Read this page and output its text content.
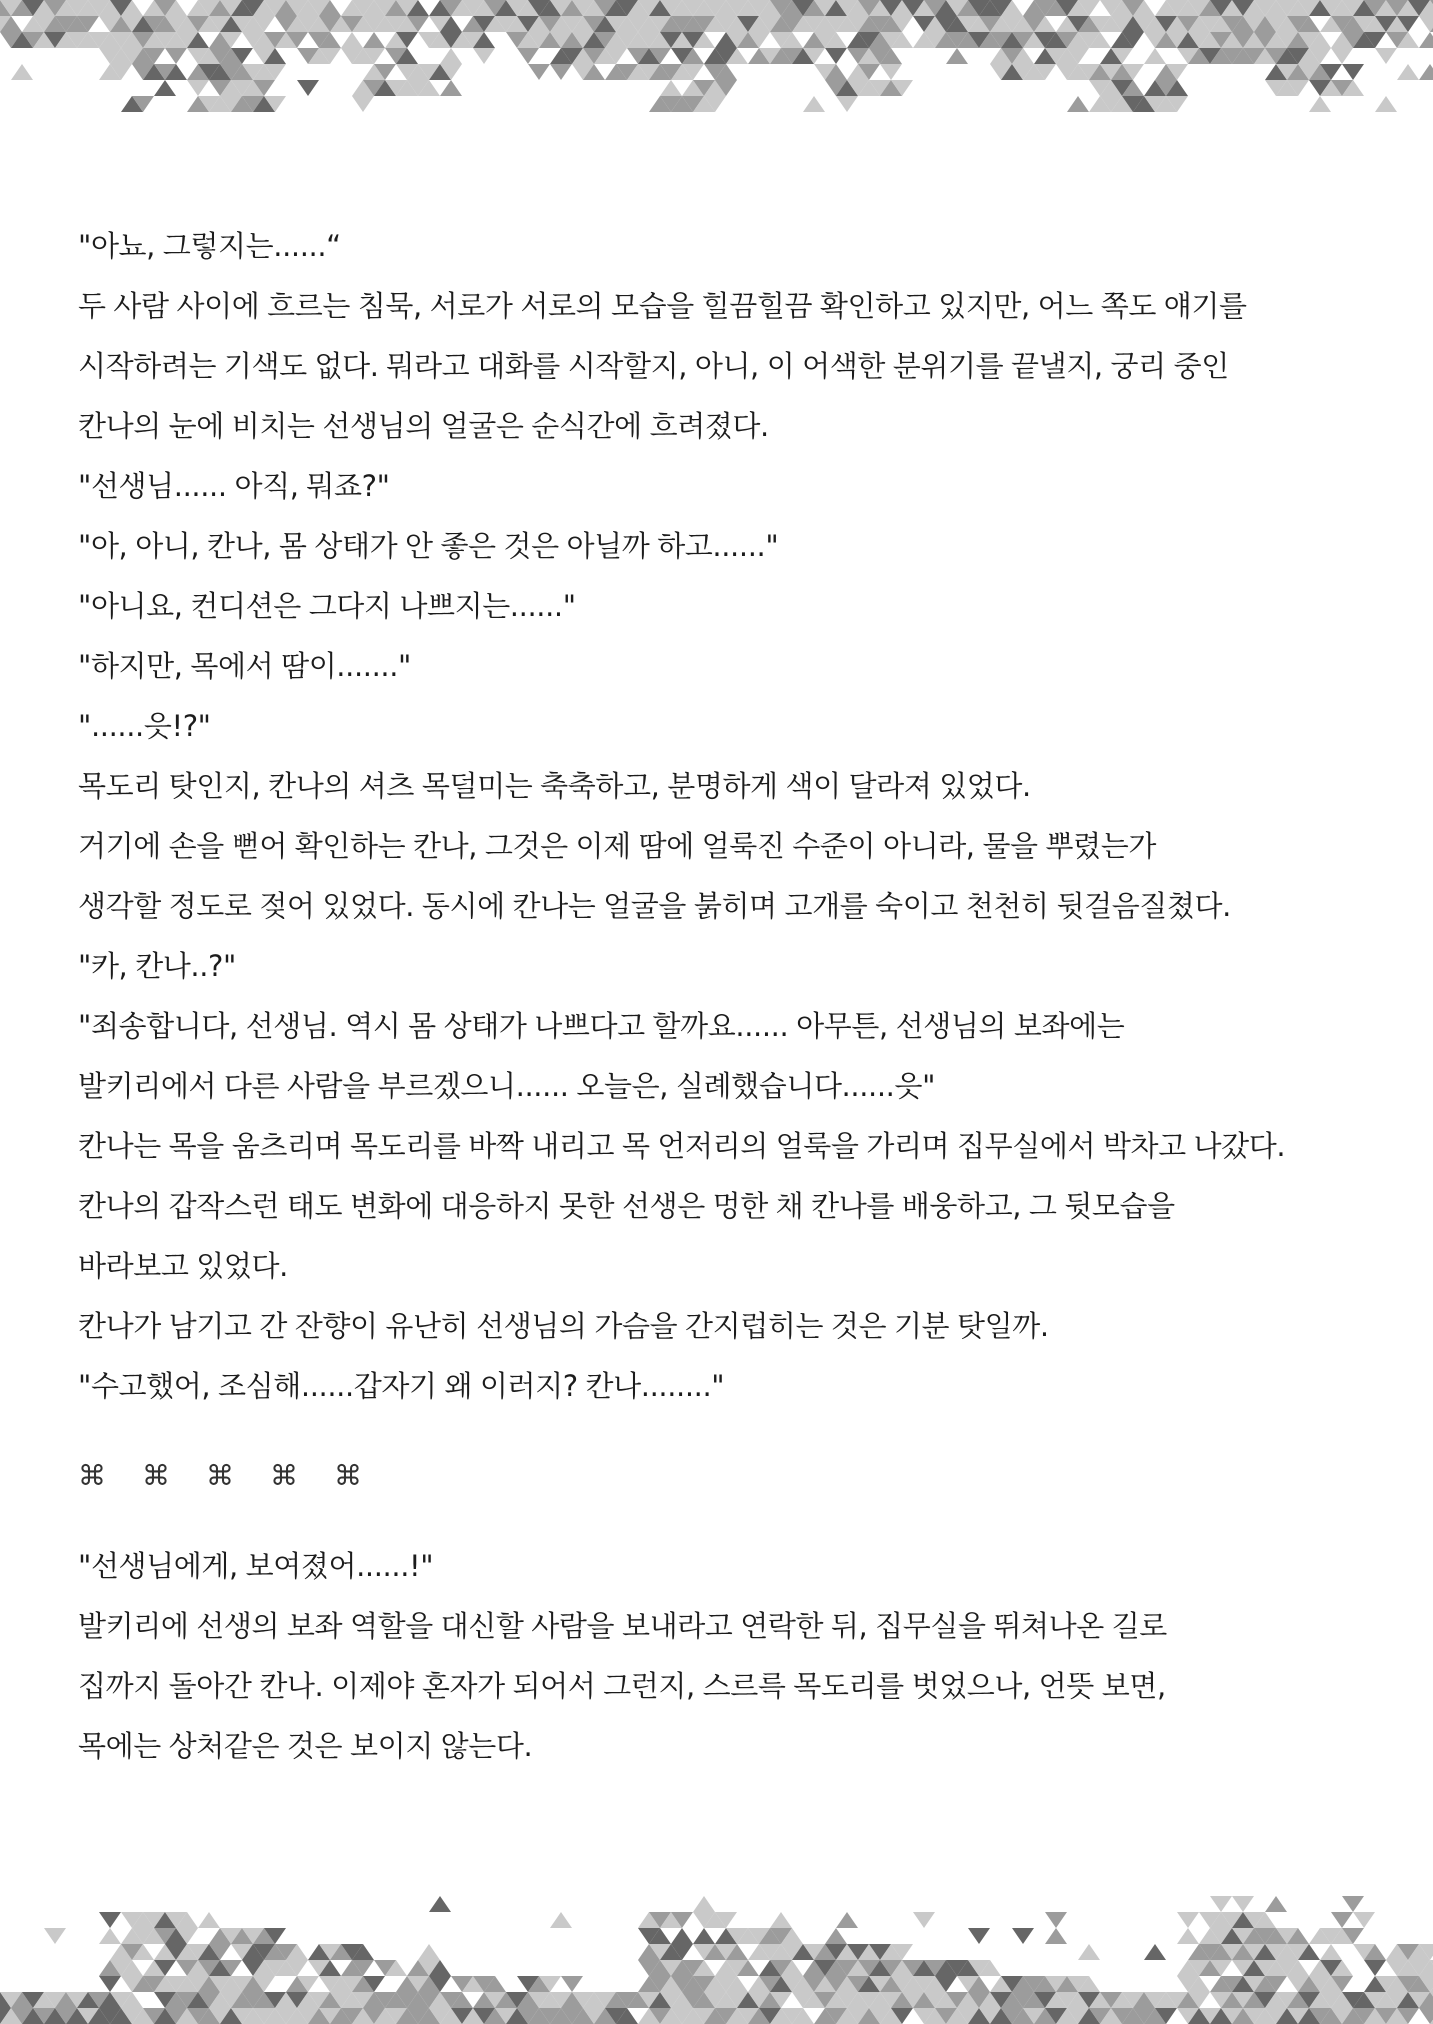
"아뇨, 그렇지는......“
두 사람 사이에 흐르는 침묵, 서로가 서로의 모습을 힐끔힐끔 확인하고 있지만, 어느 쪽도 얘기를
시작하려는 기색도 없다. 뭐라고 대화를 시작할지, 아니, 이 어색한 분위기를 끝낼지, 궁리 중인
칸나의 눈에 비치는 선생님의 얼굴은 순식간에 흐려졌다.
"선생님...... 아직, 뭐죠?"
"아, 아니, 칸나, 몸 상태가 안 좋은 것은 아닐까 하고......"
"아니요, 컨디션은 그다지 나쁘지는......"
"하지만, 목에서 땀이......."
"......읏!?"
목도리 탓인지, 칸나의 셔츠 목덜미는 축축하고, 분명하게 색이 달라져 있었다.
거기에 손을 뻗어 확인하는 칸나, 그것은 이제 땀에 얼룩진 수준이 아니라, 물을 뿌렸는가
생각할 정도로 젖어 있었다. 동시에 칸나는 얼굴을 붉히며 고개를 숙이고 천천히 뒷걸음질쳤다.
"카, 칸나..?"
"죄송합니다, 선생님. 역시 몸 상태가 나쁘다고 할까요...... 아무튼, 선생님의 보좌에는
발키리에서 다른 사람을 부르겠으니...... 오늘은, 실례했습니다......읏"
칸나는 목을 움츠리며 목도리를 바짝 내리고 목 언저리의 얼룩을 가리며 집무실에서 박차고 나갔다.
칸나의 갑작스런 태도 변화에 대응하지 못한 선생은 멍한 채 칸나를 배웅하고, 그 뒷모습을
바라보고 있었다.
칸나가 남기고 간 잔향이 유난히 선생님의 가슴을 간지럽히는 것은 기분 탓일까.
"수고했어, 조심해......갑자기 왜 이러지? 칸나........"
⌘	⌘	⌘	⌘	⌘
"선생님에게, 보여졌어......!"
발키리에 선생의 보좌 역할을 대신할 사람을 보내라고 연락한 뒤, 집무실을 뛰쳐나온 길로
집까지 돌아간 칸나. 이제야 혼자가 되어서 그런지, 스르륵 목도리를 벗었으나, 언뜻 보면,
목에는 상처같은 것은 보이지 않는다.
